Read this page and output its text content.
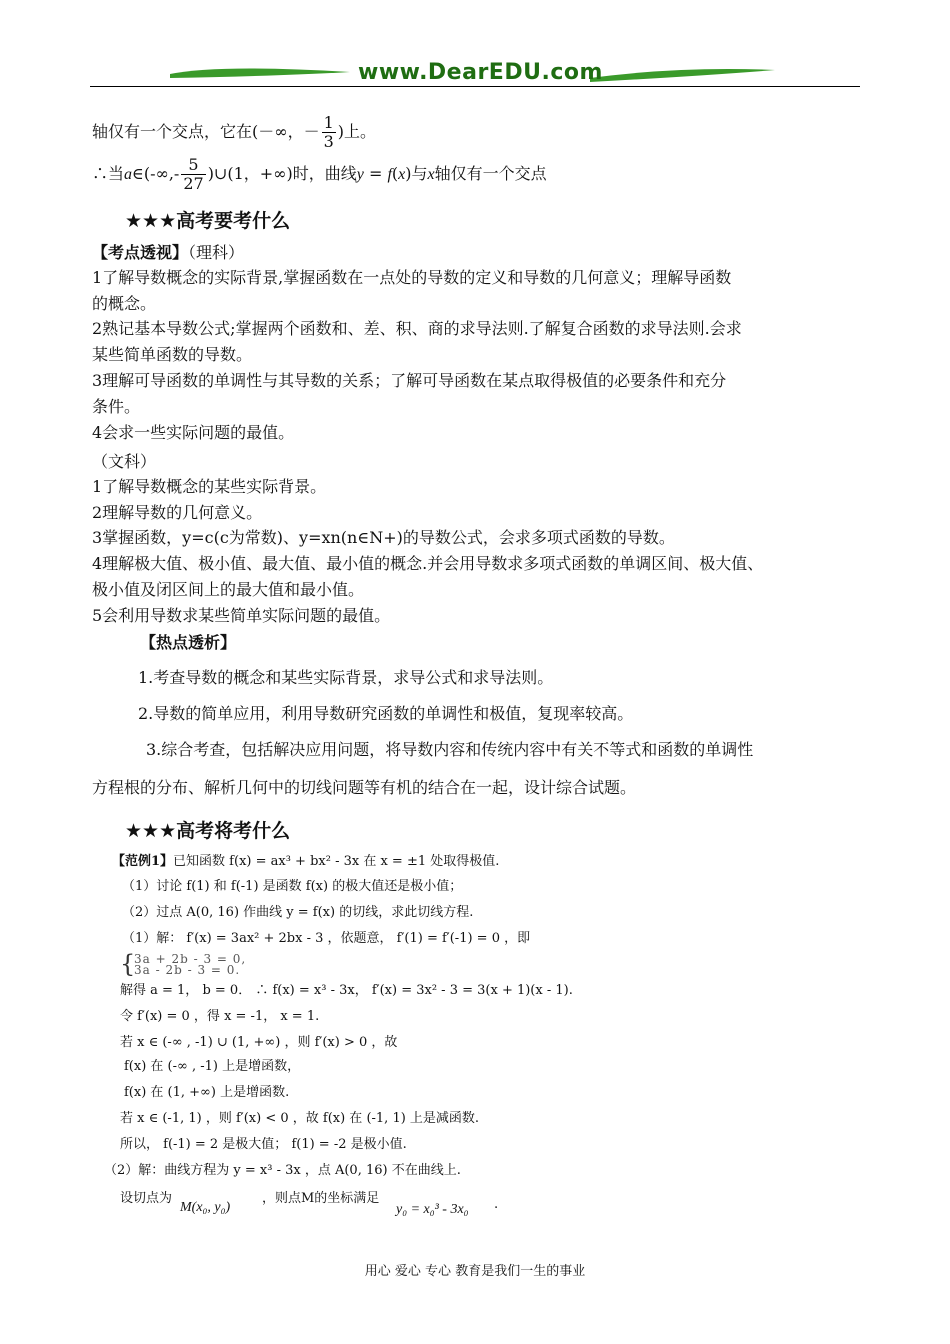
www.DearEDU.com
轴仅有一个交点，它在(－∞，－ $\frac{1}{3}$ )上。
∴当a∈(-∞,- $\frac{5}{27}$ )∪(1，+∞)时，曲线y = f(x)与x轴仅有一个交点
★★★高考要考什么
【考点透视】（理科）
1了解导数概念的实际背景,掌握函数在一点处的导数的定义和导数的几何意义；理解导函数
的概念。
2熟记基本导数公式;掌握两个函数和、差、积、商的求导法则.了解复合函数的求导法则.会求
某些简单函数的导数。
3理解可导函数的单调性与其导数的关系；了解可导函数在某点取得极值的必要条件和充分
条件。
4会求一些实际问题的最值。
（文科）
1了解导数概念的某些实际背景。
2理解导数的几何意义。
3掌握函数，y=c(c为常数)、y=xn(n∈N+)的导数公式，会求多项式函数的导数。
4理解极大值、极小值、最大值、最小值的概念.并会用导数求多项式函数的单调区间、极大值、
极小值及闭区间上的最大值和最小值。
5会利用导数求某些简单实际问题的最值。
【热点透析】
1.考查导数的概念和某些实际背景，求导公式和求导法则。
2.导数的简单应用，利用导数研究函数的单调性和极值，复现率较高。
3.综合考查，包括解决应用问题，将导数内容和传统内容中有关不等式和函数的单调性
方程根的分布、解析几何中的切线问题等有机的结合在一起，设计综合试题。
★★★高考将考什么
【范例1】已知函数 f(x) = ax³ + bx² - 3x 在 x = ±1 处取得极值.
（1）讨论 f(1) 和 f(-1) 是函数 f(x) 的极大值还是极小值；
（2）过点 A(0, 16) 作曲线 y = f(x) 的切线，求此切线方程.
（1）解： f′(x) = 3ax² + 2bx - 3 ，依题意， f′(1) = f′(-1) = 0 ，即
{
3a + 2b - 3 = 0,
3a - 2b - 3 = 0.
解得 a = 1， b = 0． ∴ f(x) = x³ - 3x， f′(x) = 3x² - 3 = 3(x + 1)(x - 1).
令 f′(x) = 0 ，得 x = -1， x = 1.
若 x ∈ (-∞ , -1) ∪ (1, +∞) ，则 f′(x) > 0 ，故
f(x) 在 (-∞ , -1) 上是增函数，
f(x) 在 (1, +∞) 上是增函数.
若 x ∈ (-1, 1) ，则 f′(x) < 0 ，故 f(x) 在 (-1, 1) 上是减函数.
所以， f(-1) = 2 是极大值； f(1) = -2 是极小值.
（2）解：曲线方程为 y = x³ - 3x ，点 A(0, 16) 不在曲线上.
设切点为
M(x₀, y₀)
，则点M的坐标满足
y₀ = x₀³ - 3x₀ .
用心 爱心 专心 教育是我们一生的事业
